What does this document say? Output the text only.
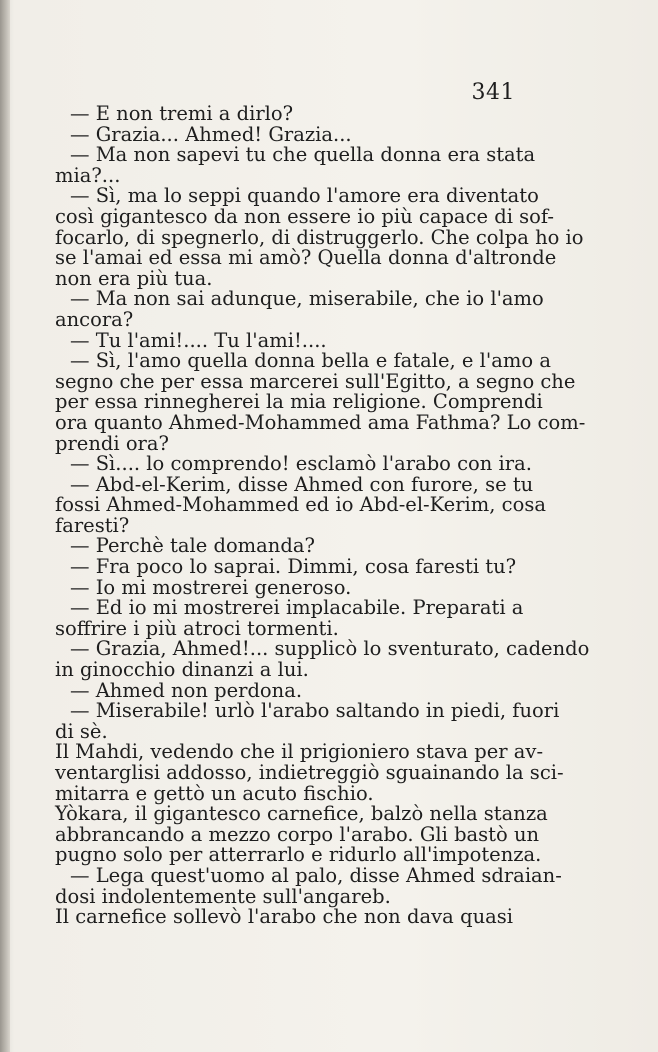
341
— E non tremi a dirlo?
— Grazia... Ahmed! Grazia...
— Ma non sapevi tu che quella donna era stata
mia?...
— Sì, ma lo seppi quando l'amore era diventato
così gigantesco da non essere io più capace di sof-
focarlo, di spegnerlo, di distruggerlo. Che colpa ho io
se l'amai ed essa mi amò? Quella donna d'altronde
non era più tua.
— Ma non sai adunque, miserabile, che io l'amo
ancora?
— Tu l'ami!.... Tu l'ami!....
— Sì, l'amo quella donna bella e fatale, e l'amo a
segno che per essa marcerei sull'Egitto, a segno che
per essa rinnegherei la mia religione. Comprendi
ora quanto Ahmed-Mohammed ama Fathma? Lo com-
prendi ora?
— Sì.... lo comprendo! esclamò l'arabo con ira.
— Abd-el-Kerim, disse Ahmed con furore, se tu
fossi Ahmed-Mohammed ed io Abd-el-Kerim, cosa
faresti?
— Perchè tale domanda?
— Fra poco lo saprai. Dimmi, cosa faresti tu?
— Io mi mostrerei generoso.
— Ed io mi mostrerei implacabile. Preparati a
soffrire i più atroci tormenti.
— Grazia, Ahmed!... supplicò lo sventurato, cadendo
in ginocchio dinanzi a lui.
— Ahmed non perdona.
— Miserabile! urlò l'arabo saltando in piedi, fuori
di sè.
Il Mahdi, vedendo che il prigioniero stava per av-
ventarglisi addosso, indietreggiò sguainando la sci-
mitarra e gettò un acuto fischio.
Yòkara, il gigantesco carnefice, balzò nella stanza
abbrancando a mezzo corpo l'arabo. Gli bastò un
pugno solo per atterrarlo e ridurlo all'impotenza.
— Lega quest'uomo al palo, disse Ahmed sdraian-
dosi indolentemente sull'angareb.
Il carnefice sollevò l'arabo che non dava quasi
